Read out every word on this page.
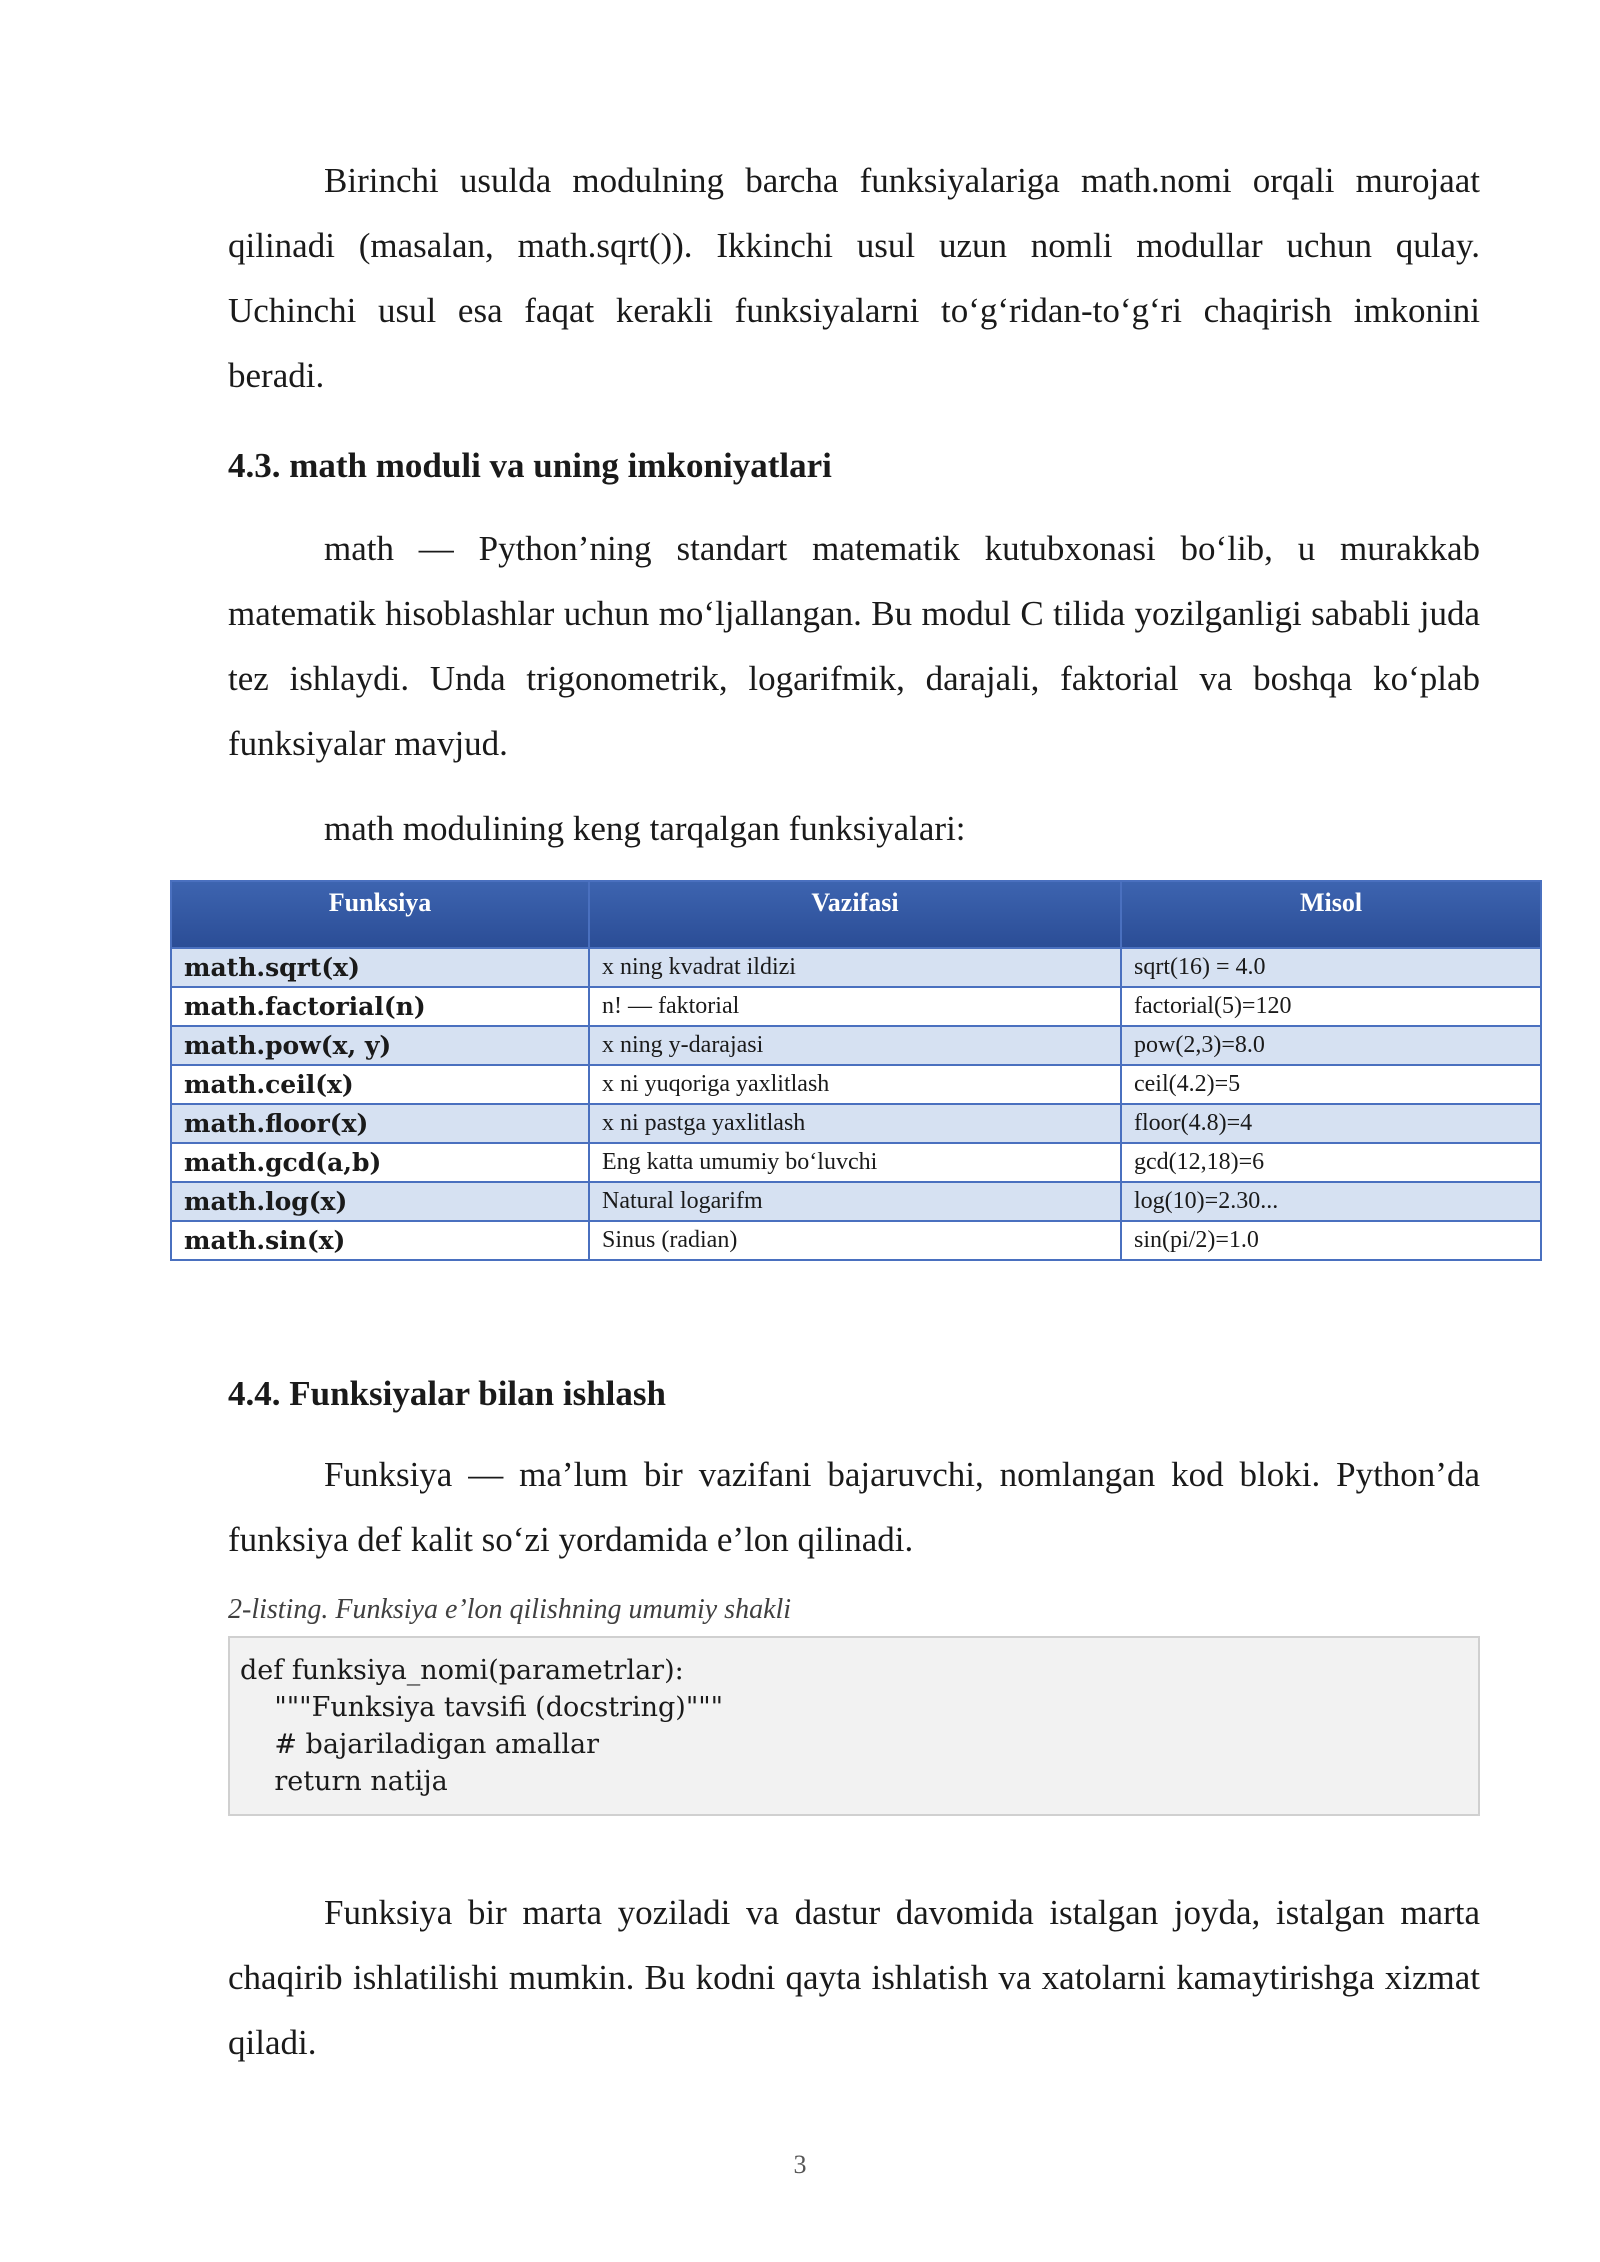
Birinchi usulda modulning barcha funksiyalariga math.nomi orqali murojaat qilinadi (masalan, math.sqrt()). Ikkinchi usul uzun nomli modullar uchun qulay. Uchinchi usul esa faqat kerakli funksiyalarni to‘g‘ridan-to‘g‘ri chaqirish imkonini beradi.

4.3. math moduli va uning imkoniyatlari

math — Python’ning standart matematik kutubxonasi bo‘lib, u murakkab matematik hisoblashlar uchun mo‘ljallangan. Bu modul C tilida yozilganligi sababli juda tez ishlaydi. Unda trigonometrik, logarifmik, darajali, faktorial va boshqa ko‘plab funksiyalar mavjud.

math modulining keng tarqalgan funksiyalari:

Funksiya	Vazifasi	Misol
math.sqrt(x)	x ning kvadrat ildizi	sqrt(16) = 4.0
math.factorial(n)	n! — faktorial	factorial(5)=120
math.pow(x, y)	x ning y-darajasi	pow(2,3)=8.0
math.ceil(x)	x ni yuqoriga yaxlitlash	ceil(4.2)=5
math.floor(x)	x ni pastga yaxlitlash	floor(4.8)=4
math.gcd(a,b)	Eng katta umumiy bo‘luvchi	gcd(12,18)=6
math.log(x)	Natural logarifm	log(10)=2.30...
math.sin(x)	Sinus (radian)	sin(pi/2)=1.0
4.4. Funksiyalar bilan ishlash

Funksiya — ma’lum bir vazifani bajaruvchi, nomlangan kod bloki. Python’da funksiya def kalit so‘zi yordamida e’lon qilinadi.

2-listing. Funksiya e’lon qilishning umumiy shakli

def funksiya_nomi(parametrlar):
"""Funksiya tavsifi (docstring)"""
# bajariladigan amallar
return natija

Funksiya bir marta yoziladi va dastur davomida istalgan joyda, istalgan marta chaqirib ishlatilishi mumkin. Bu kodni qayta ishlatish va xatolarni kamaytirishga xizmat qiladi.

3
